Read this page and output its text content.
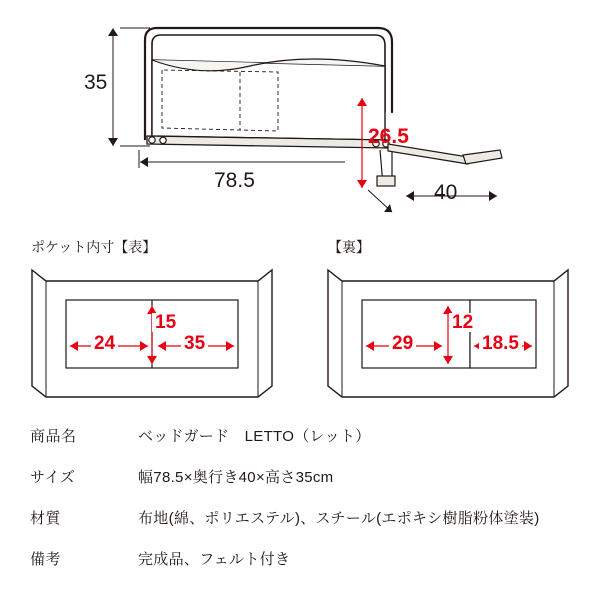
35
26.5
78.5
40
ポケット内寸【表】	【裏】
24
15
35	29
12
18.5
商品名		ベッドガード　LETTO（レット）
サイズ		幅78.5×奥行き40×高さ35cm
材質		布地(綿、ポリエステル)、スチール(エポキシ樹脂粉体塗装)
備考		完成品、フェルト付き
